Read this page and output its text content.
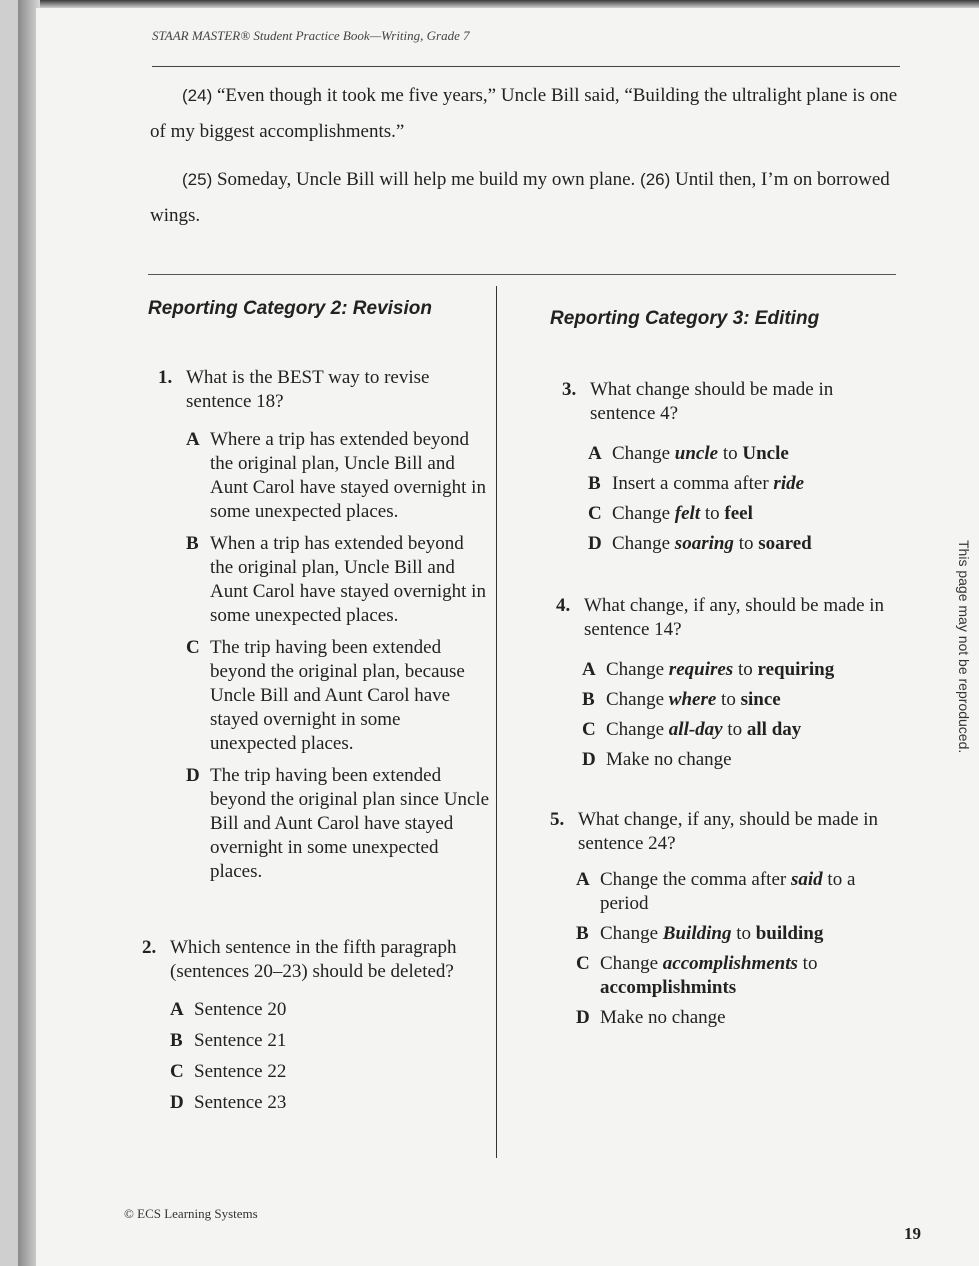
STAAR MASTER® Student Practice Book—Writing, Grade 7
(24) “Even though it took me five years,” Uncle Bill said, “Building the ultralight plane is one of my biggest accomplishments.”
(25) Someday, Uncle Bill will help me build my own plane. (26) Until then, I’m on borrowed wings.
Reporting Category 2: Revision
1. What is the BEST way to revise sentence 18?
A Where a trip has extended beyond the original plan, Uncle Bill and Aunt Carol have stayed overnight in some unexpected places.
B When a trip has extended beyond the original plan, Uncle Bill and Aunt Carol have stayed overnight in some unexpected places.
C The trip having been extended beyond the original plan, because Uncle Bill and Aunt Carol have stayed overnight in some unexpected places.
D The trip having been extended beyond the original plan since Uncle Bill and Aunt Carol have stayed overnight in some unexpected places.
2. Which sentence in the fifth paragraph (sentences 20–23) should be deleted?
A Sentence 20
B Sentence 21
C Sentence 22
D Sentence 23
Reporting Category 3: Editing
3. What change should be made in sentence 4?
A Change uncle to Uncle
B Insert a comma after ride
C Change felt to feel
D Change soaring to soared
4. What change, if any, should be made in sentence 14?
A Change requires to requiring
B Change where to since
C Change all-day to all day
D Make no change
5. What change, if any, should be made in sentence 24?
A Change the comma after said to a period
B Change Building to building
C Change accomplishments to accomplishmints
D Make no change
This page may not be reproduced.
© ECS Learning Systems
19
